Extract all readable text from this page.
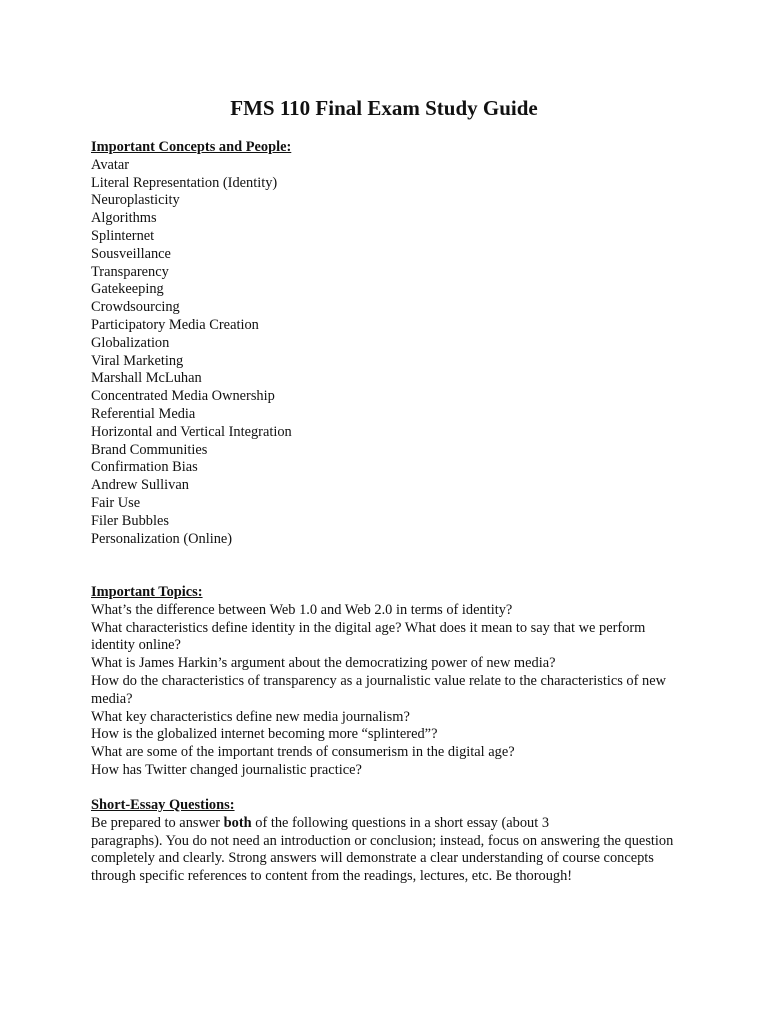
FMS 110 Final Exam Study Guide
Important Concepts and People:
Avatar
Literal Representation (Identity)
Neuroplasticity
Algorithms
Splinternet
Sousveillance
Transparency
Gatekeeping
Crowdsourcing
Participatory Media Creation
Globalization
Viral Marketing
Marshall McLuhan
Concentrated Media Ownership
Referential Media
Horizontal and Vertical Integration
Brand Communities
Confirmation Bias
Andrew Sullivan
Fair Use
Filer Bubbles
Personalization (Online)
Important Topics:
What’s the difference between Web 1.0 and Web 2.0 in terms of identity?
What characteristics define identity in the digital age? What does it mean to say that we perform identity online?
What is James Harkin’s argument about the democratizing power of new media?
How do the characteristics of transparency as a journalistic value relate to the characteristics of new media?
What key characteristics define new media journalism?
How is the globalized internet becoming more “splintered”?
What are some of the important trends of consumerism in the digital age?
How has Twitter changed journalistic practice?
Short-Essay Questions:
Be prepared to answer both of the following questions in a short essay (about 3
paragraphs). You do not need an introduction or conclusion; instead, focus on answering the question completely and clearly. Strong answers will demonstrate a clear understanding of course concepts through specific references to content from the readings, lectures, etc. Be thorough!
